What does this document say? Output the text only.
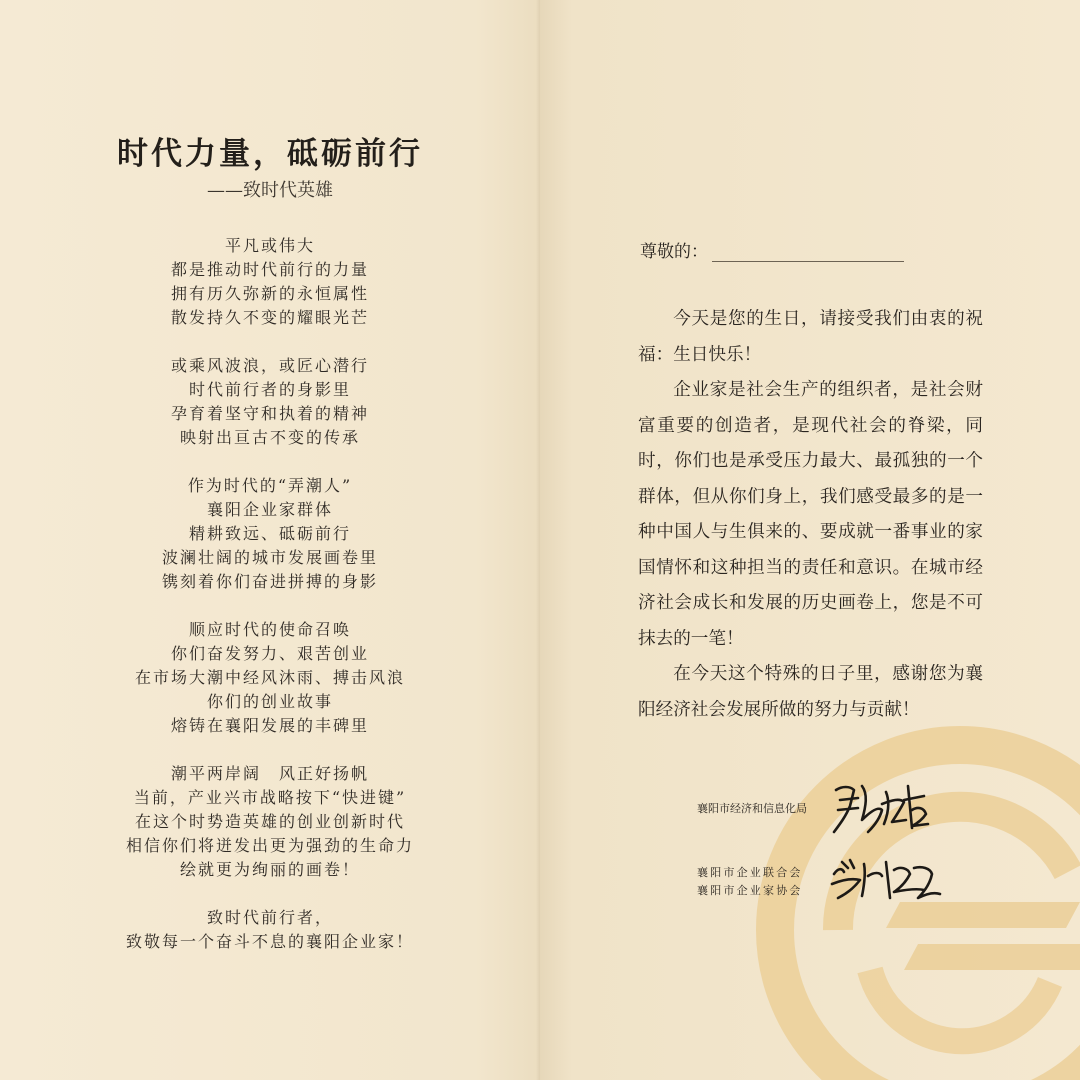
时代力量，砥砺前行
——致时代英雄
平凡或伟大
都是推动时代前行的力量
拥有历久弥新的永恒属性
散发持久不变的耀眼光芒
或乘风波浪，或匠心潜行
时代前行者的身影里
孕育着坚守和执着的精神
映射出亘古不变的传承
作为时代的“弄潮人”
襄阳企业家群体
精耕致远、砥砺前行
波澜壮阔的城市发展画卷里
镌刻着你们奋进拼搏的身影
顺应时代的使命召唤
你们奋发努力、艰苦创业
在市场大潮中经风沐雨、搏击风浪
你们的创业故事
熔铸在襄阳发展的丰碑里
潮平两岸阔　风正好扬帆
当前，产业兴市战略按下“快进键”
在这个时势造英雄的创业创新时代
相信你们将迸发出更为强劲的生命力
绘就更为绚丽的画卷！
致时代前行者，
致敬每一个奋斗不息的襄阳企业家！
尊敬的：

今天是您的生日，请接受我们由衷的祝福：生日快乐！

企业家是社会生产的组织者，是社会财富重要的创造者，是现代社会的脊梁，同时，你们也是承受压力最大、最孤独的一个群体，但从你们身上，我们感受最多的是一种中国人与生俱来的、要成就一番事业的家国情怀和这种担当的责任和意识。在城市经济社会成长和发展的历史画卷上，您是不可抹去的一笔！

在今天这个特殊的日子里，感谢您为襄阳经济社会发展所做的努力与贡献！

襄阳市经济和信息化局
襄阳市企业联合会
襄阳市企业家协会
